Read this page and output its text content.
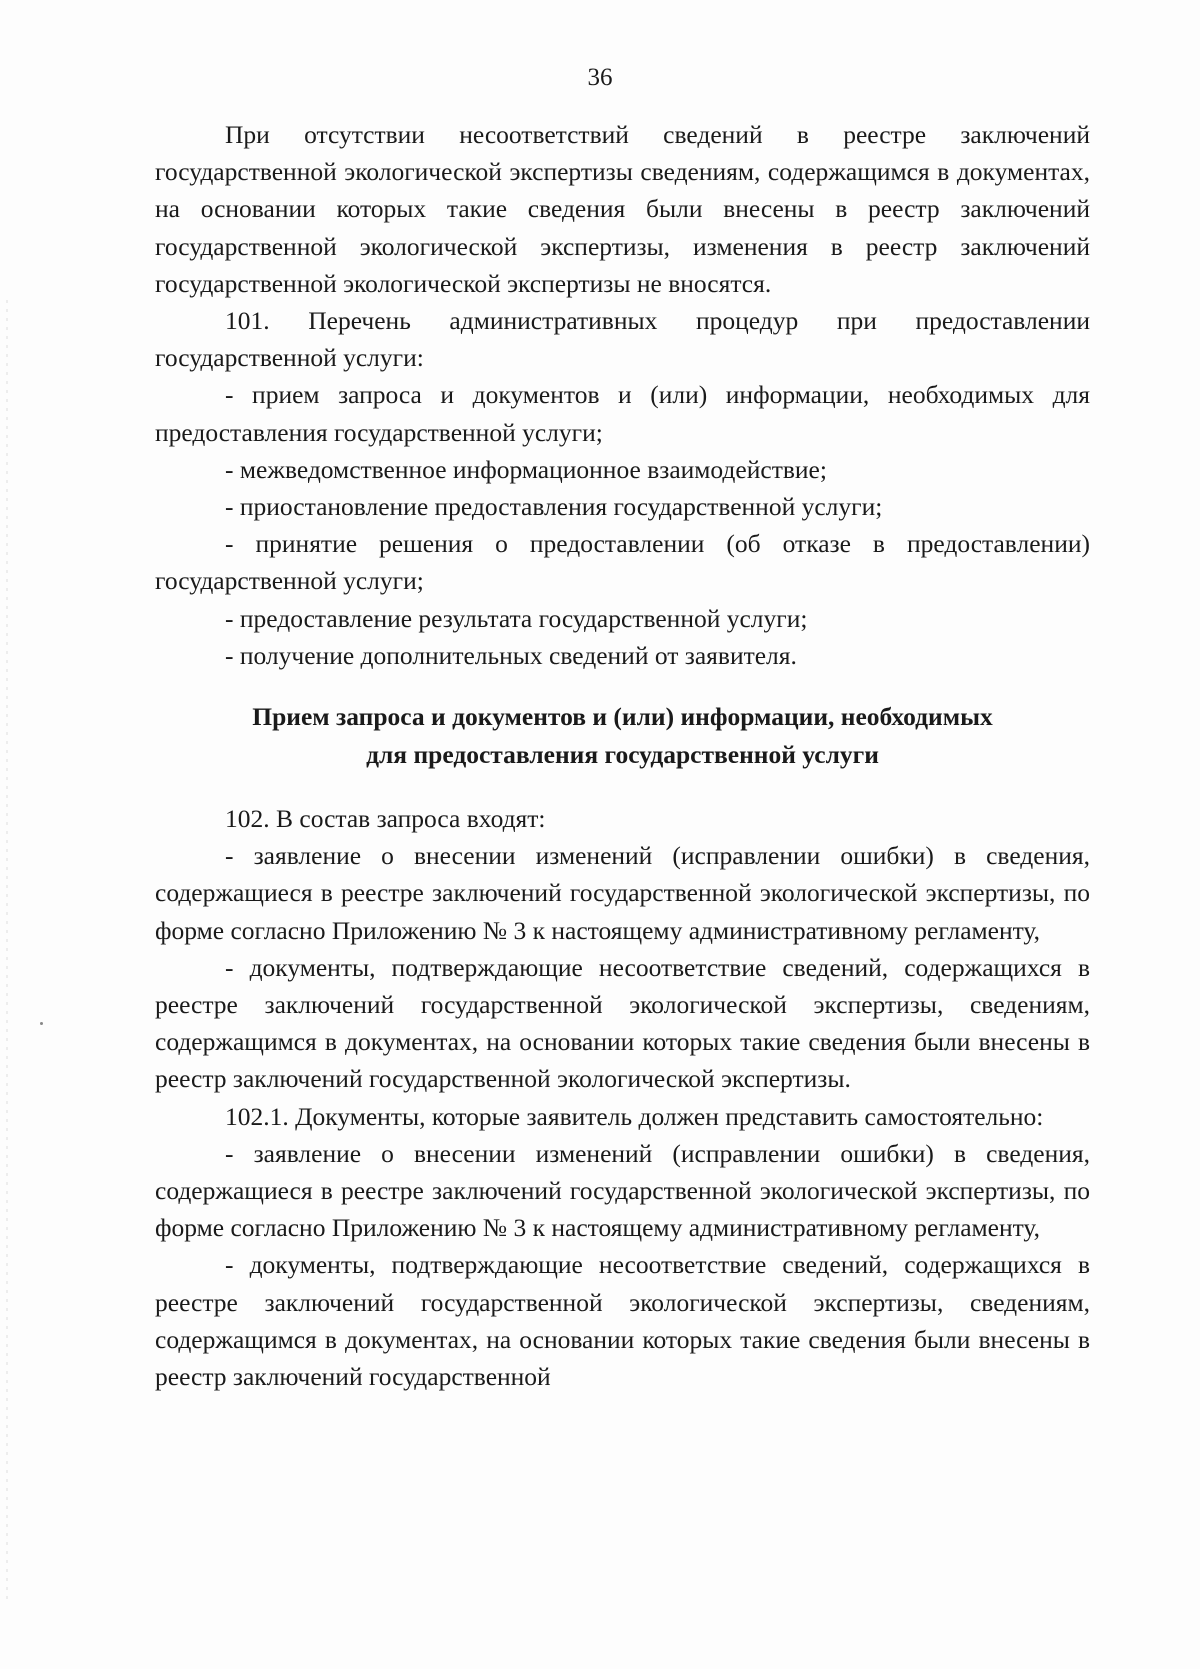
36

При отсутствии несоответствий сведений в реестре заключений государственной экологической экспертизы сведениям, содержащимся в документах, на основании которых такие сведения были внесены в реестр заключений государственной экологической экспертизы, изменения в реестр заключений государственной экологической экспертизы не вносятся.

101. Перечень административных процедур при предоставлении государственной услуги:

- прием запроса и документов и (или) информации, необходимых для предоставления государственной услуги;

- межведомственное информационное взаимодействие;

- приостановление предоставления государственной услуги;

- принятие решения о предоставлении (об отказе в предоставлении) государственной услуги;

- предоставление результата государственной услуги;

- получение дополнительных сведений от заявителя.

Прием запроса и документов и (или) информации, необходимых
для предоставления государственной услуги

102. В состав запроса входят:

- заявление о внесении изменений (исправлении ошибки) в сведения, содержащиеся в реестре заключений государственной экологической экспертизы, по форме согласно Приложению № 3 к настоящему административному регламенту,

- документы, подтверждающие несоответствие сведений, содержащихся в реестре заключений государственной экологической экспертизы, сведениям, содержащимся в документах, на основании которых такие сведения были внесены в реестр заключений государственной экологической экспертизы.

102.1. Документы, которые заявитель должен представить самостоятельно:

- заявление о внесении изменений (исправлении ошибки) в сведения, содержащиеся в реестре заключений государственной экологической экспертизы, по форме согласно Приложению № 3 к настоящему административному регламенту,

- документы, подтверждающие несоответствие сведений, содержащихся в реестре заключений государственной экологической экспертизы, сведениям, содержащимся в документах, на основании которых такие сведения были внесены в реестр заключений государственной
